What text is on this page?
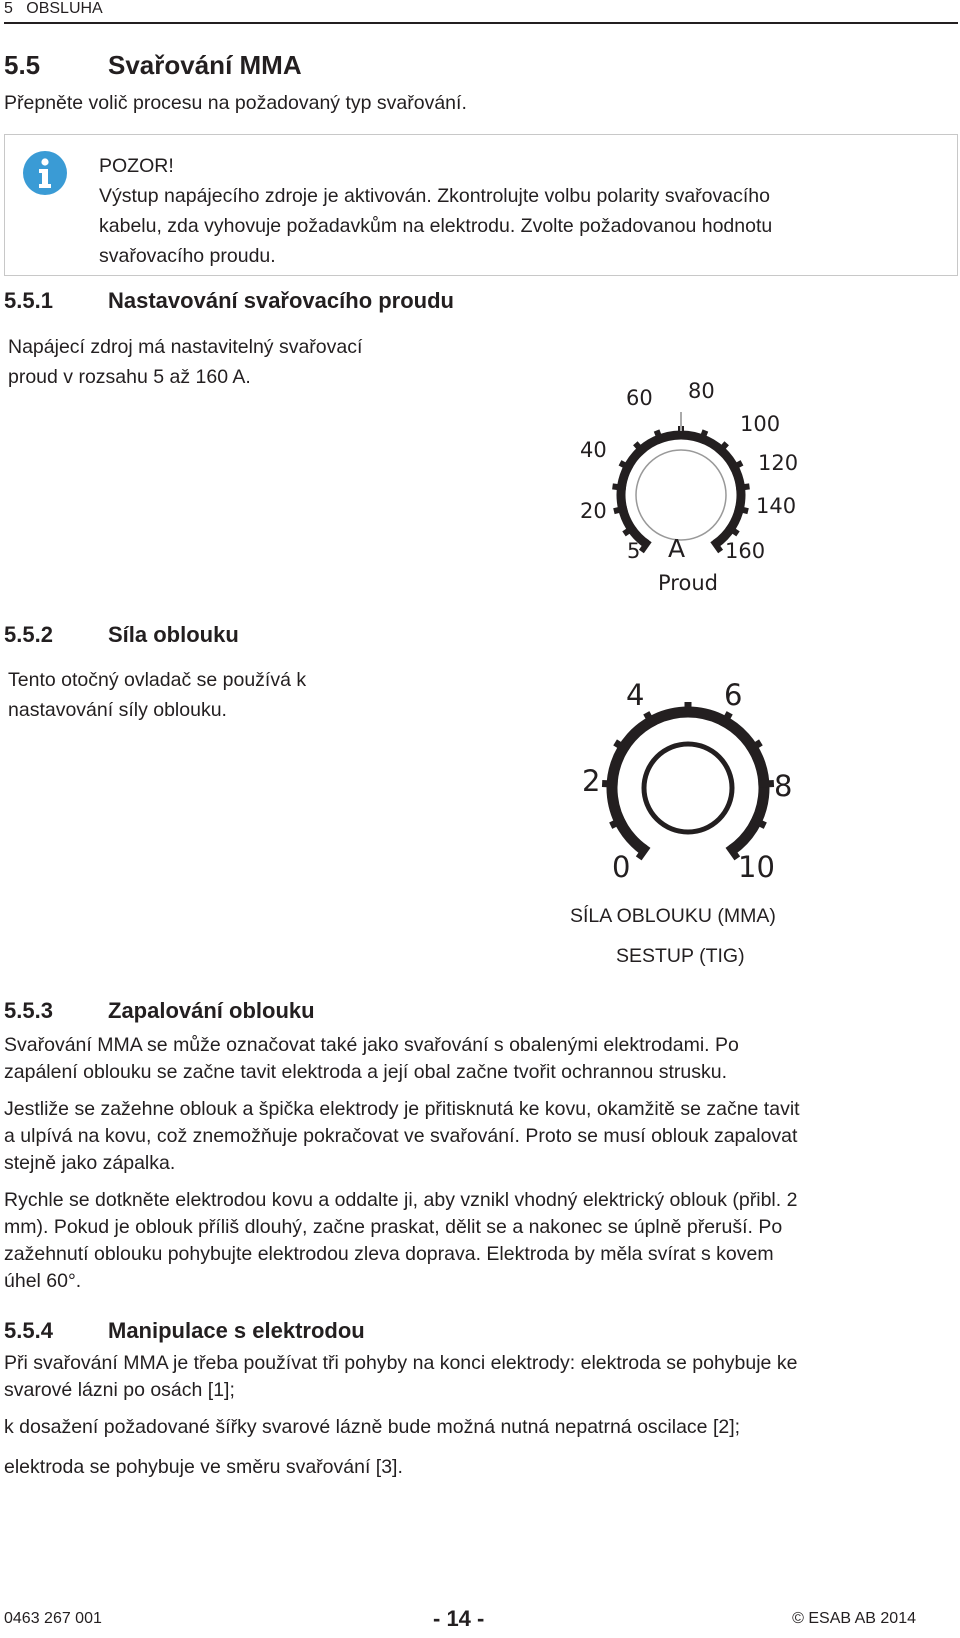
5 OBSLUHA
5.5	Svařování MMA
Přepněte volič procesu na požadovaný typ svařování.
POZOR!
Výstup napájecího zdroje je aktivován. Zkontrolujte volbu polarity svařovacího
kabelu, zda vyhovuje požadavkům na elektrodu. Zvolte požadovanou hodnotu
svařovacího proudu.
5.5.1	Nastavování svařovacího proudu
Napájecí zdroj má nastavitelný svařovací
proud v rozsahu 5 až 160 A.
5
20
40
60 80
100
120
140
160
A
Proud
5.5.2	Síla oblouku
Tento otočný ovladač se používá k
nastavování síly oblouku.
0
2
4	6
8
10
SÍLA OBLOUKU (MMA)
SESTUP (TIG)
5.5.3	Zapalování oblouku
Svařování MMA se může označovat také jako svařování s obalenými elektrodami. Po
zapálení oblouku se začne tavit elektroda a její obal začne tvořit ochrannou strusku.
Jestliže se zažehne oblouk a špička elektrody je přitisknutá ke kovu, okamžitě se začne tavit
a ulpívá na kovu, což znemožňuje pokračovat ve svařování. Proto se musí oblouk zapalovat
stejně jako zápalka.
Rychle se dotkněte elektrodou kovu a oddalte ji, aby vznikl vhodný elektrický oblouk (přibl. 2
mm). Pokud je oblouk příliš dlouhý, začne praskat, dělit se a nakonec se úplně přeruší. Po
zažehnutí oblouku pohybujte elektrodou zleva doprava. Elektroda by měla svírat s kovem
úhel 60°.
5.5.4	Manipulace s elektrodou
Při svařování MMA je třeba používat tři pohyby na konci elektrody: elektroda se pohybuje ke
svarové lázni po osách [1];
k dosažení požadované šířky svarové lázně bude možná nutná nepatrná oscilace [2];
elektroda se pohybuje ve směru svařování [3].
0463 267 001	- 14 -	© ESAB AB 2014
